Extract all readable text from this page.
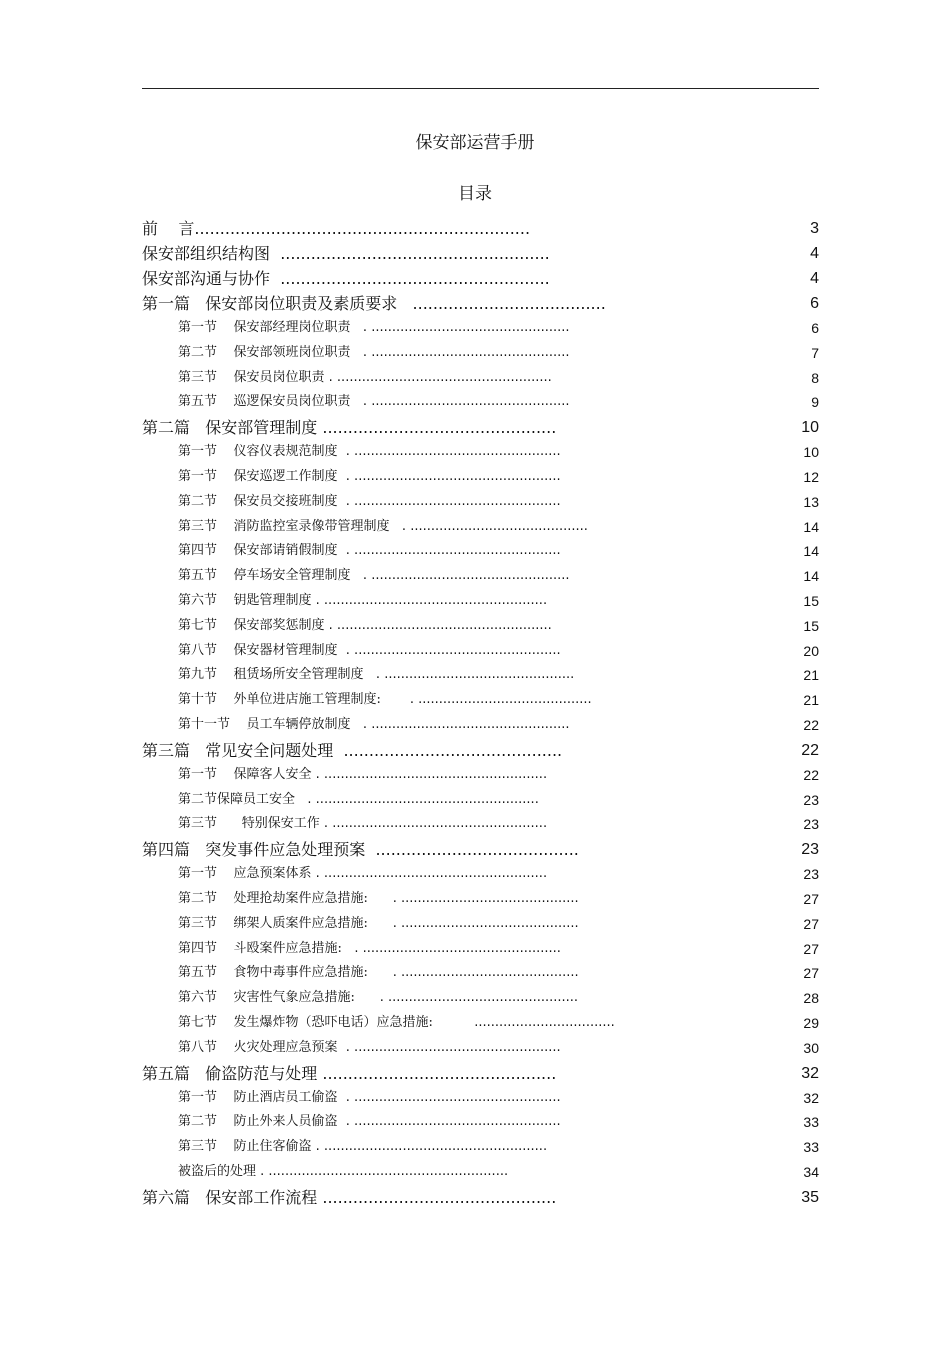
保安部运营手册
目录
前    言..................................................................	3
保安部组织结构图  .....................................................	4
保安部沟通与协作  .....................................................	4
第一篇   保安部岗位职责及素质要求   ......................................	6
第一节    保安部经理岗位职责   . ................................................	6
第二节    保安部领班岗位职责   . ................................................	7
第三节    保安员岗位职责 . ....................................................	8
第五节    巡逻保安员岗位职责   . ................................................	9
第二篇   保安部管理制度 ..............................................	10
第一节    仪容仪表规范制度  . ..................................................	10
第一节    保安巡逻工作制度  . ..................................................	12
第二节    保安员交接班制度  . ..................................................	13
第三节    消防监控室录像带管理制度   . ...........................................	14
第四节    保安部请销假制度  . ..................................................	14
第五节    停车场安全管理制度   . ................................................	14
第六节    钥匙管理制度 . ......................................................	15
第七节    保安部奖惩制度 . ....................................................	15
第八节    保安器材管理制度  . ..................................................	20
第九节    租赁场所安全管理制度   . ..............................................	21
第十节    外单位进店施工管理制度:       . ..........................................	21
第十一节    员工车辆停放制度   . ................................................	22
第三篇   常见安全问题处理  ...........................................	22
第一节    保障客人安全 . ......................................................	22
第二节保障员工安全   . ......................................................	23
第三节      特别保安工作 . ....................................................	23
第四篇   突发事件应急处理预案  ........................................	23
第一节    应急预案体系 . ......................................................	23
第二节    处理抢劫案件应急措施:      . ...........................................	27
第三节    绑架人质案件应急措施:      . ...........................................	27
第四节    斗殴案件应急措施:   . ................................................	27
第五节    食物中毒事件应急措施:      . ...........................................	27
第六节    灾害性气象应急措施:      . ..............................................	28
第七节    发生爆炸物（恐吓电话）应急措施:          ..................................	29
第八节    火灾处理应急预案  . ..................................................	30
第五篇   偷盗防范与处理 ..............................................	32
第一节    防止酒店员工偷盗  . ..................................................	32
第二节    防止外来人员偷盗  . ..................................................	33
第三节    防止住客偷盗 . ......................................................	33
被盗后的处理 . ..........................................................	34
第六篇   保安部工作流程 ..............................................	35
